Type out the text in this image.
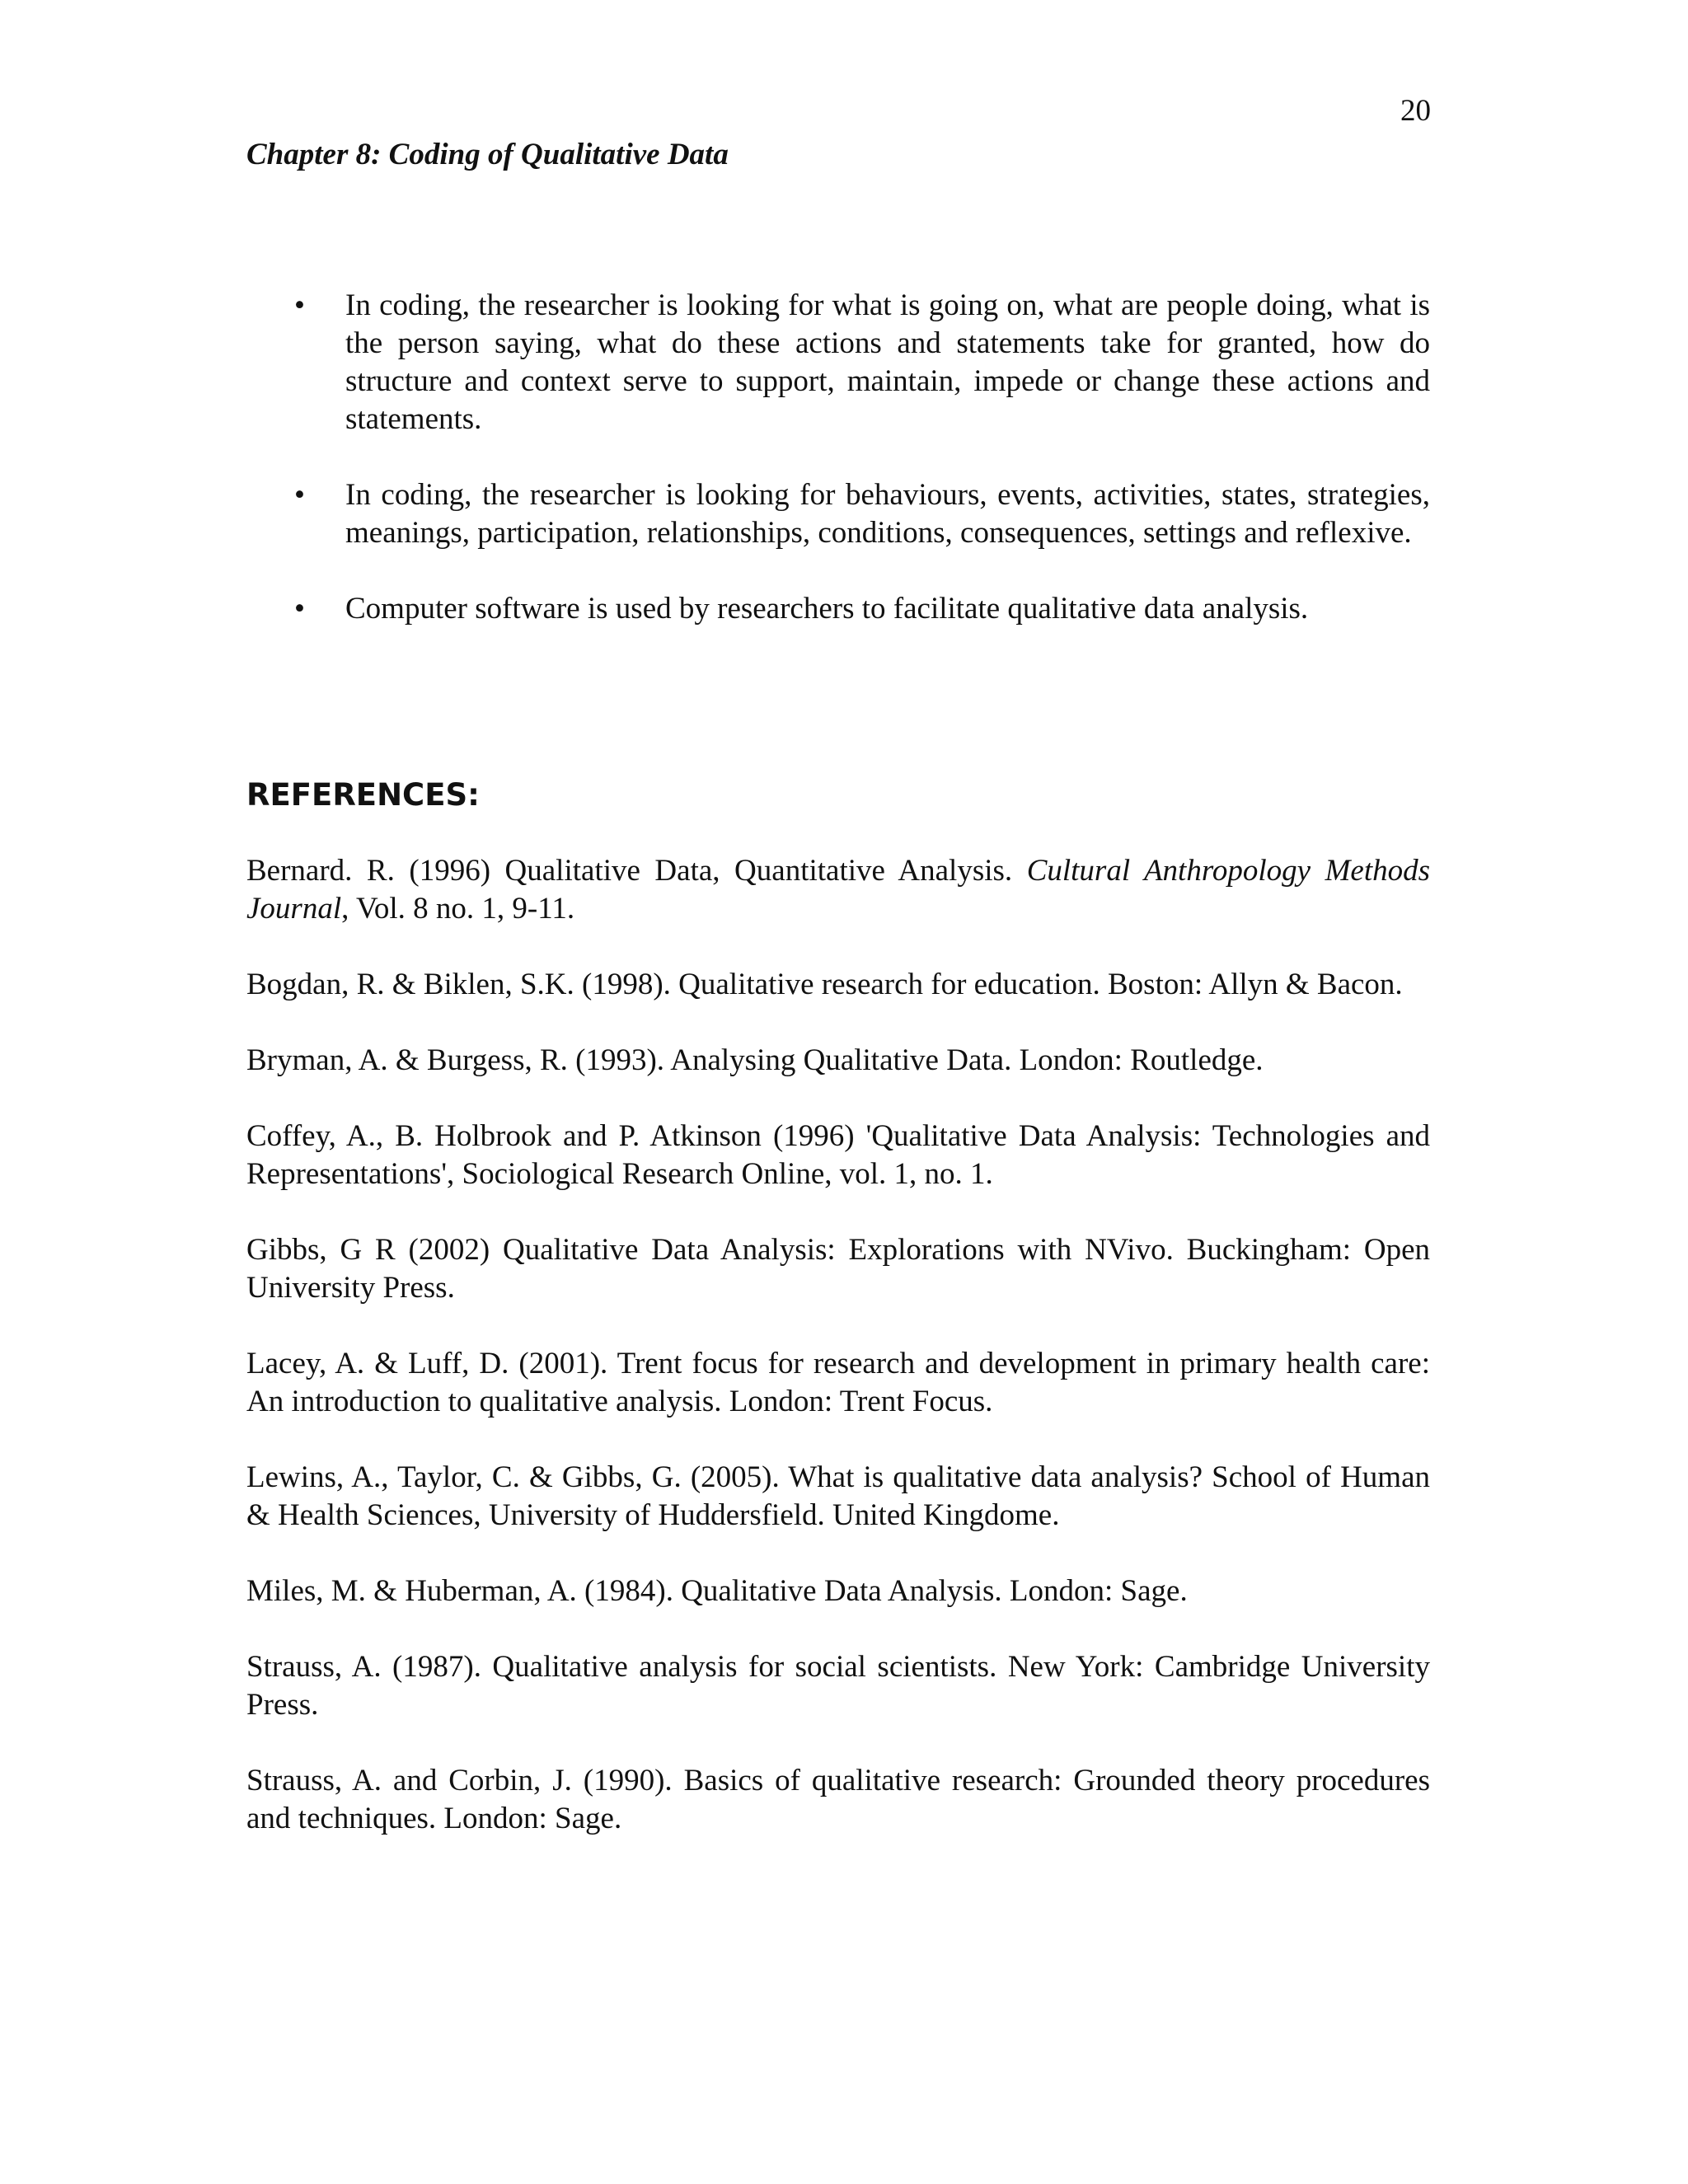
20
Chapter 8: Coding of Qualitative Data
• In coding, the researcher is looking for what is going on, what are people doing, what is the person saying, what do these actions and statements take for granted, how do structure and context serve to support, maintain, impede or change these actions and statements.
• In coding, the researcher is looking for behaviours, events, activities, states, strategies, meanings, participation, relationships, conditions, consequences, settings and reflexive.
• Computer software is used by researchers to facilitate qualitative data analysis.
REFERENCES:

Bernard. R. (1996) Qualitative Data, Quantitative Analysis. Cultural Anthropology Methods Journal, Vol. 8 no. 1, 9-11.

Bogdan, R. & Biklen, S.K. (1998). Qualitative research for education. Boston: Allyn & Bacon.

Bryman, A. & Burgess, R. (1993). Analysing Qualitative Data. London: Routledge.

Coffey, A., B. Holbrook and P. Atkinson (1996) 'Qualitative Data Analysis: Technologies and Representations', Sociological Research Online, vol. 1, no. 1.

Gibbs, G R (2002) Qualitative Data Analysis: Explorations with NVivo. Buckingham: Open University Press.

Lacey, A. & Luff, D. (2001). Trent focus for research and development in primary health care: An introduction to qualitative analysis. London: Trent Focus.

Lewins, A., Taylor, C. & Gibbs, G. (2005). What is qualitative data analysis? School of Human & Health Sciences, University of Huddersfield. United Kingdome.

Miles, M. & Huberman, A. (1984). Qualitative Data Analysis. London: Sage.

Strauss, A. (1987). Qualitative analysis for social scientists. New York: Cambridge University Press.

Strauss, A. and Corbin, J. (1990). Basics of qualitative research: Grounded theory procedures and techniques. London: Sage.
